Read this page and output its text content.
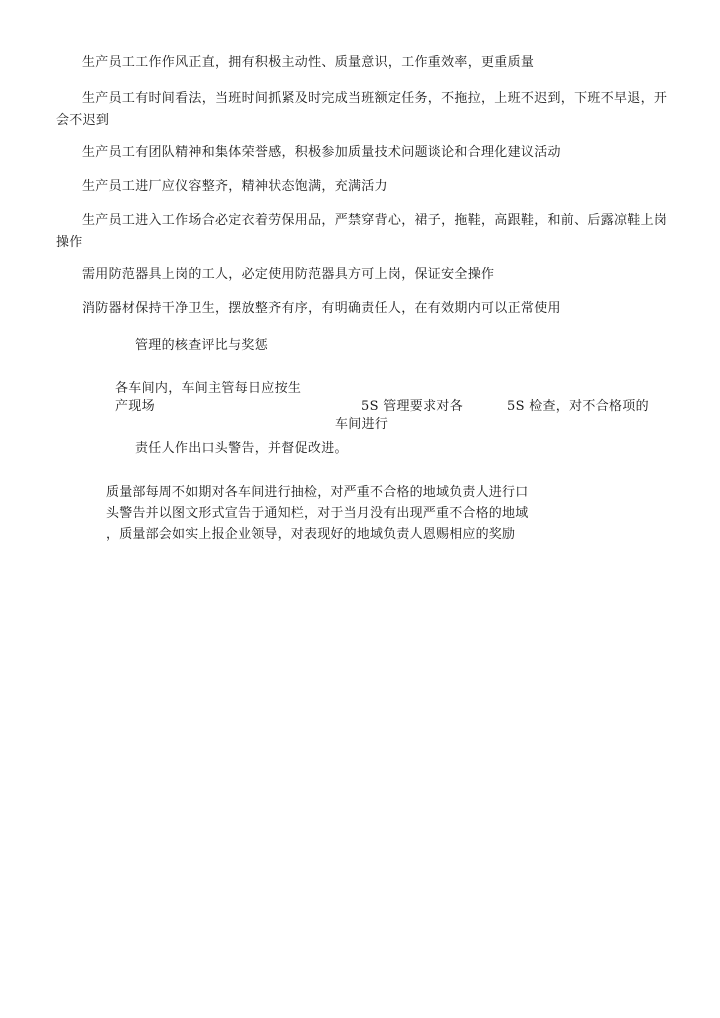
生产员工工作作风正直，拥有积极主动性、质量意识，工作重效率，更重质量

生产员工有时间看法，当班时间抓紧及时完成当班额定任务，不拖拉，上班不迟到，下班不早退，开会不迟到

生产员工有团队精神和集体荣誉感，积极参加质量技术问题谈论和合理化建议活动

生产员工进厂应仪容整齐，精神状态饱满，充满活力

生产员工进入工作场合必定衣着劳保用品，严禁穿背心，裙子，拖鞋，高跟鞋，和前、后露凉鞋上岗操作

需用防范器具上岗的工人，必定使用防范器具方可上岗，保证安全操作

消防器材保持干净卫生，摆放整齐有序，有明确责任人，在有效期内可以正常使用

管理的核查评比与奖惩

各车间内，车间主管每日应按生

产现场	5S 管理要求对各

车间进行

5S 检查，对不合格项的

责任人作出口头警告，并督促改进。

质量部每周不如期对各车间进行抽检，对严重不合格的地域负责人进行口
头警告并以图文形式宣告于通知栏，对于当月没有出现严重不合格的地域
，质量部会如实上报企业领导，对表现好的地域负责人恩赐相应的奖励
